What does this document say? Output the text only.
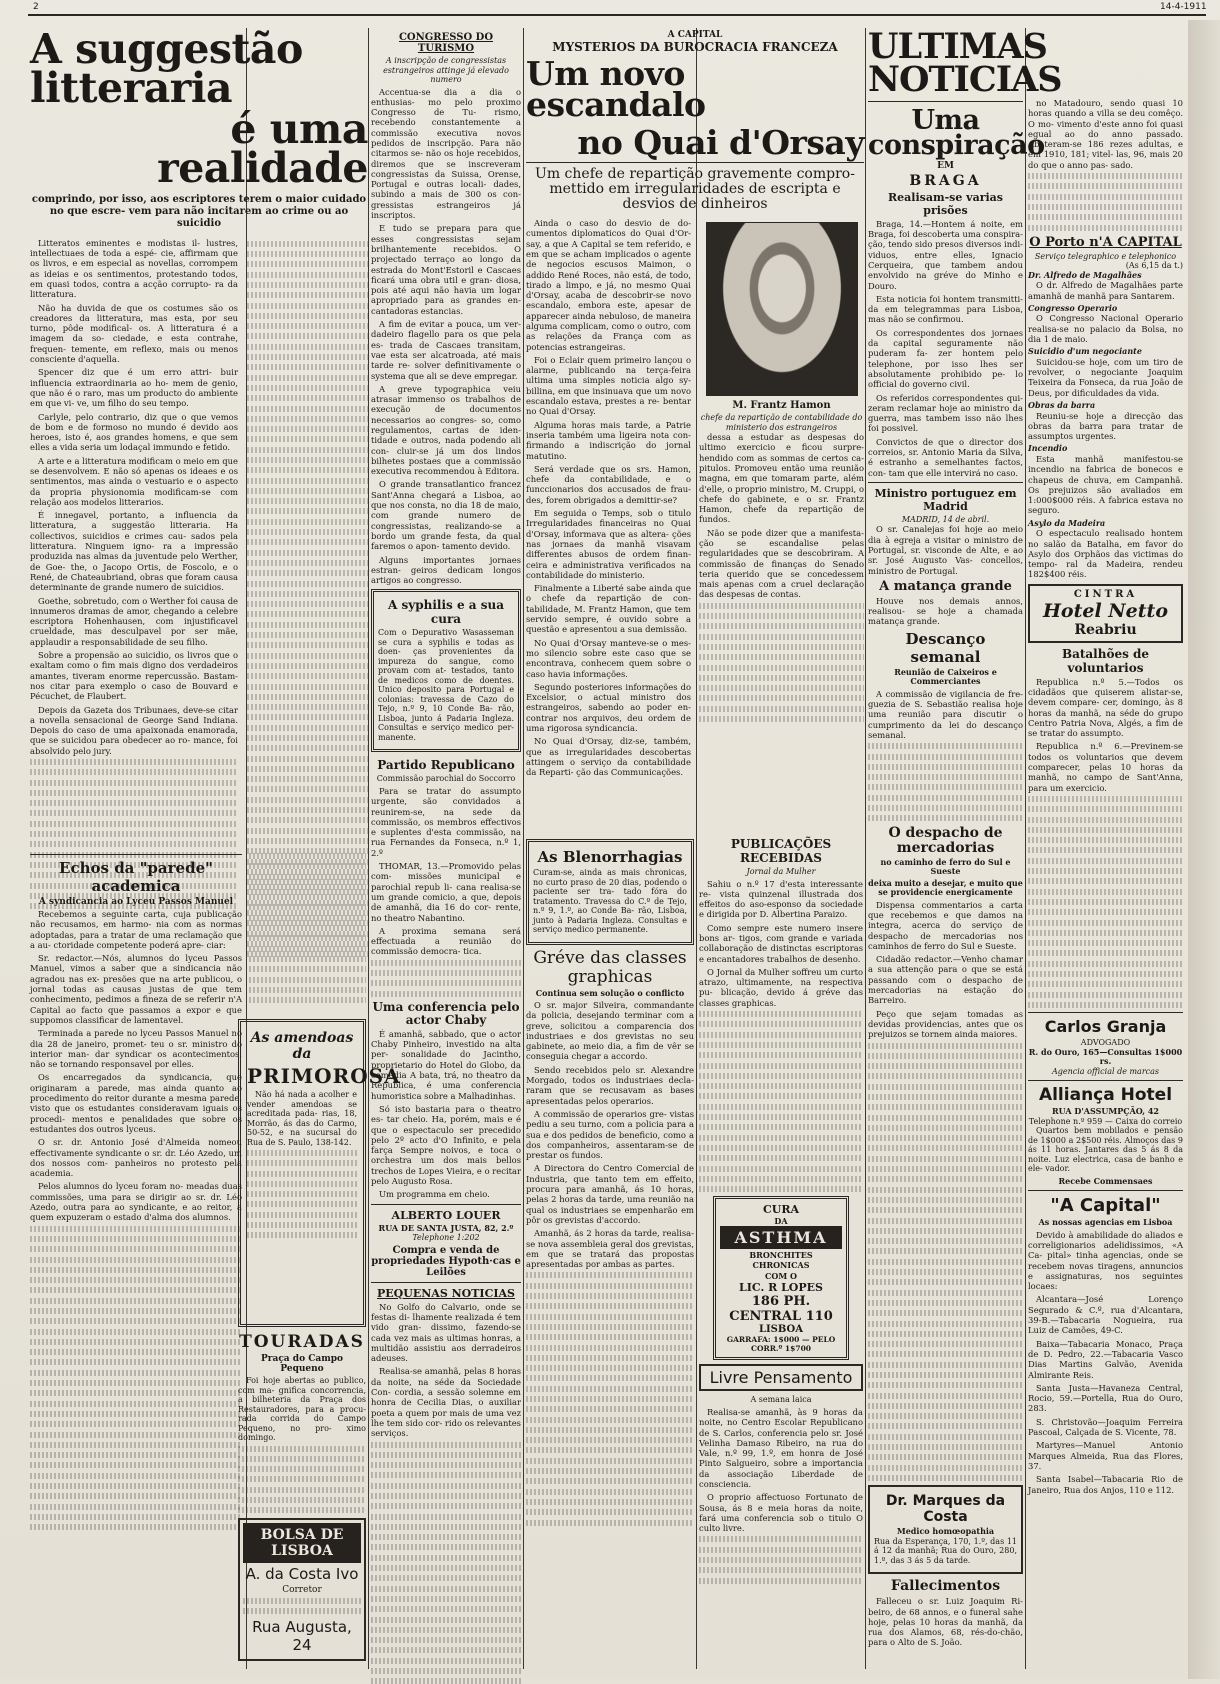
2	14-4-1911
A suggestão litteraria
é uma realidade

comprindo, por isso, aos escriptores terem o maior cuidado no que escre- vem para não incitarem ao crime ou ao suicidio

Litteratos eminentes e modistas il- lustres, intellectuaes de toda a espé- cie, affirmam que os livros, e em especial as novellas, corrompem as ideias e os sentimentos, protestando todos, em quasi todos, contra a acção corrupto- ra da litteratura.

Não ha duvida de que os costumes são os creadores da litteratura, mas esta, por seu turno, pôde modifical- os. A litteratura é a imagem da so- ciedade, e esta contrahe, frequen- temente, em reflexo, mais ou menos consciente d'aquella.

Spencer diz que é um erro attri- buir influencia extraordinaria ao ho- mem de genio, que não é o raro, mas um producto do ambiente em que vi- ve, um filho do seu tempo.

Carlyle, pelo contrario, diz que o que vemos de bom e de formoso no mundo é devido aos heroes, isto é, aos grandes homens, e que sem elles a vida seria um lodaçal immundo e fetido.

A arte e a litteratura modificam o meio em que se desenvolvem. E não só apenas os ideaes e os sentimentos, mas ainda o vestuario e o aspecto da propria physionomia modificam-se com relação aos modelos litterarios.

É innegavel, portanto, a influencia da litteratura, a suggestão litteraria. Ha collectivos, suicidios e crimes cau- sados pela litteratura. Ninguem igno- ra a impressão produzida nas almas da juventude pelo Werther, de Goe- the, o Jacopo Ortis, de Foscolo, e o René, de Chateaubriand, obras que foram causa determinante de grande numero de suicidios.

Goethe, sobretudo, com o Werther foi causa de innumeros dramas de amor, chegando a celebre escriptora Hohenhausen, com injustificavel crueldade, mas desculpavel por ser mãe, applaudir a responsabilidade de seu filho.

Sobre a propensão ao suicidio, os livros que o exaltam como o fim mais digno dos verdadeiros amantes, tiveram enorme repercussão. Bastam-nos citar para exemplo o caso de Bouvard e Pécuchet, de Flaubert.

Depois da Gazeta dos Tribunaes, deve-se citar a novella sensacional de George Sand Indiana. Depois do caso de uma apaixonada enamorada, que se suicidou para obedecer ao ro- mance, foi absolvido pelo jury.

Echos da "parede" academica
A syndicancia ao Lyceu Passos Manuel

Recebemos a seguinte carta, cuja publicação não recusamos, em harmo- nia com as normas adoptadas, para a tratar de uma reclamação que a au- ctoridade competente poderá apre- ciar:

Sr. redactor.—Nós, alumnos do lyceu Passos Manuel, vimos a saber que a sindicancia não agradou nas ex- presões que na arte publicou, o jornal todas as causas justas de que tem conhecimento, pedimos a fineza de se referir n'A Capital ao facto que passamos a expor e que suppomos classificar de lamentavel.

Terminada a parede no lyceu Passos Manuel no dia 28 de janeiro, promet- teu o sr. ministro do interior man- dar syndicar os acontecimentos, não se tornando responsavel por elles.

Os encarregados da syndicancia, que originaram a parede, mas ainda quanto ao procedimento do reitor durante a mesma parede, visto que os estudantes consideravam iguais os procedi- mentos e penalidades que sobre os estudantes dos outros lyceus.

O sr. dr. Antonio José d'Almeida nomeou effectivamente syndicante o sr. dr. Léo Azedo, um dos nossos com- panheiros no protesto pela academia.

Pelos alumnos do lyceu foram no- meadas duas commissões, uma para se dirigir ao sr. dr. Léo Azedo, outra para ao syndicante, e ao reitor, a quem expuzeram o estado d'alma dos alumnos.

As amendoas da
PRIMOROSA

Não há nada a acolher e vender amendoas se acreditada pada- rias, 18, Morrão, ás das do Carmo, 50-52, e na sucursal do Rua de S. Paulo, 138-142.

TOURADAS
Praça do Campo Pequeno

Foi hoje abertas ao publico, com ma- gnifica concorrencia, a bilheteria da Praça dos Restauradores, para a procu- rada corrida do Campo Pequeno, no pro- ximo domingo.

BOLSA DE LISBOA
A. da Costa Ivo
Corretor
Rua Augusta, 24
CONGRESSO DO TURISMO
A inscripção de congressistas estrangeiros attinge já elevado numero

Accentua-se dia a dia o enthusias- mo pelo proximo Congresso de Tu- rismo, recebendo constantemente a commissão executiva novos pedidos de inscripção. Para não citarmos se- não os hoje recebidos, diremos que se inscreveram congressistas da Suissa, Orense, Portugal e outras locali- dades, subindo a mais de 300 os con- gressistas estrangeiros já inscriptos.

E tudo se prepara para que esses congressistas sejam brilhantemente recebidos. O projectado terraço ao longo da estrada do Mont'Estoril e Cascaes ficará uma obra util e gran- diosa, pois até aqui não havia um logar apropriado para as grandes en- cantadoras estancias.

A fim de evitar a pouca, um ver- dadeiro flagello para os que pela es- trada de Cascaes transitam, vae esta ser alcatroada, até mais tarde re- solver definitivamente o systema que ali se deve empregar.

A greve typographica veiu atrasar immenso os trabalhos de execução de documentos necessarios ao congres- so, como regulamentos, cartas de iden- tidade e outros, nada podendo ali con- cluir-se já um dos lindos bilhetes postaes que a commissão executiva recommendou à Editora.

O grande transatlantico francez Sant'Anna chegará a Lisboa, ao que nos consta, no dia 18 de maio, com grande numero de congressistas, realizando-se a bordo um grande festa, da qual faremos o apon- tamento devido.

Alguns importantes jornaes estran- geiros dedicam longos artigos ao congresso.

A syphilis e a sua cura

Com o Depurativo Wasasseman se cura a syphilis e todas as doen- ças provenientes da impureza do sangue, como provam com at- testados, tanto de medicos como de doentes. Unico deposito para Portugal e colonias: travessa de Cazo do Tejo, n.º 9, 10 Conde Ba- rão, Lisboa, junto á Padaria Ingleza. Consultas e serviço medico per- manente.

Partido Republicano
Commissão parochial do Soccorro

Para se tratar do assumpto urgente, são convidados a reunirem-se, na sede da commissão, os membros effectivos e suplentes d'esta commissão, na rua Fernandes da Fonseca, n.º 1, 2.º

THOMAR, 13.—Promovido pelas com- missões municipal e parochial repub li- cana realisa-se um grande comicio, a que, depois de amanhã, dia 16 do cor- rente, no theatro Nabantino.

A proxima semana será effectuada a reunião do commissão democra- tica.

Uma conferencia pelo actor Chaby

É amanhã, sabbado, que o actor Chaby Pinheiro, investido na alta per- sonalidade do Jacintho, proprietario do Hotel do Globo, da comedia A bata, trá, no theatro da Republica, é uma conferencia humoristica sobre a Malhadinhas.

Só isto bastaria para o theatro es- tar cheio. Ha, porém, mais e é que o espectaculo ser precedido pelo 2º acto d'O Infinito, e pela farça Sempre noivos, e toca o orchestra um dos mais bellos trechos de Lopes Vieira, e o recitar pelo Augusto Rosa.

Um programma em cheio.

ALBERTO LOUER
RUA DE SANTA JUSTA, 82, 2.º
Telephone 1:202
Compra e venda de propriedades Hypoth·cas e Leilões
PEQUENAS NOTICIAS

No Golfo do Calvario, onde se festas di- lhamente realizada é tem vido gran- dissimo, fazendo-se cada vez mais as ultimas honras, a multidão assistiu aos derradeiros adeuses.

Realisa-se amanhã, pelas 8 horas da noite, na séde da Sociedade Con- cordia, a sessão solemne em honra de Cecilia Dias, o auxiliar poeta a quem por mais de uma vez lhe tem sido cor- rido os relevantes serviços.

A CAPITAL
MYSTERIOS DA BUROCRACIA FRANCEZA
Um novo escandalo
no Quai d'Orsay

Um chefe de repartição gravemente compro- mettido em irregularidades de escripta e desvios de dinheiros

Ainda o caso do desvio de do- cumentos diplomaticos do Quai d'Or- say, a que A Capital se tem referido, e em que se acham implicados o agente de negocios escusos Maimon, o addido René Roces, não está, de todo, tirado a limpo, e já, no mesmo Quai d'Orsay, acaba de descobrir-se novo escandalo, embora este, apesar de apparecer ainda nebuloso, de maneira alguma complicam, como o outro, com as relações da França com as potencias estrangeiras.

Foi o Eclair quem primeiro lançou o alarme, publicando na terça-feira ultima uma simples noticia algo sy- billina, em que insinuava que um novo escandalo estava, prestes a re- bentar no Quai d'Orsay.

Alguma horas mais tarde, a Patrie inseria também uma ligeira nota con- firmando a indiscrição do jornal matutino.

Será verdade que os srs. Hamon, chefe da contabilidade, e o funccionarios dos accusados de frau- des, forem obrigados a demittir-se?

Em seguida o Temps, sob o titulo Irregularidades financeiras no Quai d'Orsay, informava que as altera- ções nas jornaes da manhã visavam differentes abusos de ordem finan- ceira e administrativa verificados na contabilidade do ministerio.

Finalmente a Liberté sabe ainda que o chefe da repartição de con- tabilidade, M. Frantz Hamon, que tem servido sempre, é ouvido sobre a questão e apresentou a sua demissão.

No Quai d'Orsay manteve-se o mes- mo silencio sobre este caso que se encontrava, conhecem quem sobre o caso havia informações.

Segundo posteriores informações do Excelsior, o actual ministro dos estrangeiros, sabendo ao poder en- contrar nos arquivos, deu ordem de uma rigorosa syndicancia.

No Quai d'Orsay, diz-se, também, que as irregularidades descobertas attingem o serviço da contabilidade da Reparti- ção das Communicações.

M. Frantz Hamon
chefe da repartição de contabilidade do ministerio dos estrangeiros

dessa a estudar as despesas do ultimo exercicio e ficou surpre- hendido com as sommas de certos ca- pitulos. Promoveu então uma reunião magna, em que tomaram parte, além d'elle, o proprio ministro, M. Cruppi, o chefe do gabinete, e o sr. Frantz Hamon, chefe da repartição de fundos.

Não se pode dizer que a manifesta- ção se escandalise pelas regularidades que se descobriram. A commissão de finanças do Senado teria querido que se concedessem mais apenas com a cruel declaração das despesas de contas.

As Blenorrhagias

Curam-se, ainda as mais chronicas, no curto praso de 20 dias, podendo o paciente ser tra- tado fóra do tratamento. Travessa do C.º de Tejo, n.º 9, 1.º, ao Conde Ba- rão, Lisboa, junto à Padaria Ingleza. Consultas e serviço medico permanente.

Gréve das classes graphicas
Continua sem solução o conflicto

O sr. major Silveira, commandante da policia, desejando terminar com a greve, solicitou a comparencia dos industriaes e dos grevistas no seu gabinete, ao meio dia, a fim de vêr se conseguia chegar a accordo.

Sendo recebidos pelo sr. Alexandre Morgado, todos os industriaes decla- raram que se recusavam as bases apresentadas pelos operarios.

A commissão de operarios gre- vistas pediu a seu turno, com a policia para a sua e dos pedidos de beneficio, como a dos companheiros, assentaram-se de prestar os fundos.

A Directora do Centro Comercial de Industria, que tanto tem em effeito, procura para amanhã, ás 10 horas, pelas 2 horas da tarde, uma reunião na qual os industriaes se empenharão em pôr os grevistas d'accordo.

Amanhã, ás 2 horas da tarde, realisa-se nova assembleia geral dos grevistas, em que se tratará das propostas apresentadas por ambas as partes.

PUBLICAÇÕES RECEBIDAS
Jornal da Mulher

Sahiu o n.º 17 d'esta interessante re- vista quinzenal illustrada dos effeitos do aso-esponso da sociedade e dirigida por D. Albertina Paraizo.

Como sempre este numero insere bons ar- tigos, com grande e variada collaboração de distinctas escriptoras e encantadores trabalhos de desenho.

O Jornal da Mulher soffreu um curto atrazo, ultimamente, na respectiva pu- blicação, devido á gréve das classes graphicas.

CURA
DA
ASTHMA
BRONCHITES CHRONICAS
COM O
LIC. R LOPES
186 PH. CENTRAL 110
LISBOA
GARRAFA: 1$000 — PELO CORR.º 1$700
Livre Pensamento
A semana laica

Realisa-se amanhã, às 9 horas da noite, no Centro Escolar Republicano de S. Carlos, conferencia pelo sr. José Velinha Damaso Ribeiro, na rua do Vale, n.º 99, 1.º, em honra de José Pinto Salgueiro, sobre a importancia da associação Liberdade de consciencia.

O proprio affectuoso Fortunato de Sousa, ás 8 e meia horas da noite, fará uma conferencia sob o titulo O culto livre.

ULTIMAS NOTICIAS
Uma conspiração
EM
BRAGA
Realisam-se varias prisões

Braga, 14.—Hontem á noite, em Braga, foi descoberta uma conspira- ção, tendo sido presos diversos indi- viduos, entre elles, Ignacio Cerqueira, que tambem andou envolvido na gréve do Minho e Douro.

Esta noticia foi hontem transmitti- da em telegrammas para Lisboa, mas não se confirmou.

Os correspondentes dos jornaes da capital seguramente não puderam fa- zer hontem pelo telephone, por isso lhes ser absolutamente prohibido pe- lo official do governo civil.

Os referidos correspondentes qui- zeram reclamar hoje ao ministro da guerra, mas tambem isso não lhes foi possivel.

Convictos de que o director dos correios, sr. Antonio Maria da Silva, é estranho a semelhantes factos, con- tam que elle intervirá no caso.

Ministro portuguez em Madrid
MADRID, 14 de abril.

O sr. Canalejas foi hoje ao meio dia à egreja a visitar o ministro de Portugal, sr. visconde de Alte, e ao sr. José Augusto Vas- concellos, ministro de Portugal.

A matança grande

Houve nos demais annos, realisou- se hoje a chamada matança grande.

Descanço semanal
Reunião de Caixeiros e Commerciantes

A commissão de vigilancia de fre- guezia de S. Sebastião realisa hoje uma reunião para discutir o cumprimento da lei do descanço semanal.

O despacho de mercadorias
no caminho de ferro do Sul e Sueste
deixa muito a desejar, e muito que se providencie energicamente

Dispensa commentarios a carta que recebemos e que damos na integra, acerca do serviço de despacho de mercadorias nos caminhos de ferro do Sul e Sueste.

Cidadão redactor.—Venho chamar a sua attenção para o que se está passando com o despacho de mercadorias na estação do Barreiro.

Peço que sejam tomadas as devidas providencias, antes que os prejuizos se tornem ainda maiores.

Dr. Marques da Costa
Medico homœopathia

Rua da Esperança, 170, 1.º, das 11 á 12 da manhã; Rua do Ouro, 280, 1.º, das 3 ás 5 da tarde.

Fallecimentos

Falleceu o sr. Luiz Joaquim Ri- beiro, de 68 annos, e o funeral sahe hoje, pelas 10 horas da manhã, da rua dos Alamos, 68, rés-do-chão, para o Alto de S. João.

no Matadouro, sendo quasi 10 horas quando a villa se deu comêço. O mo- vimento d'este anno foi quasi egual ao do anno passado. Abateram-se 186 rezes adultas, e em 1910, 181; vitel- las, 96, mais 20 do que o anno pas- sado.

O Porto n'A CAPITAL
Serviço telegraphico e telephonico
(As 6,15 da t.)
Dr. Alfredo de Magalhães

O dr. Alfredo de Magalhães parte amanhã de manhã para Santarem.

Congresso Operario

O Congresso Nacional Operario realisa-se no palacio da Bolsa, no dia 1 de maio.

Suicidio d'um negociante

Suicidou-se hoje, com um tiro de revolver, o negociante Joaquim Teixeira da Fonseca, da rua João de Deus, por dificuldades da vida.

Obras da barra

Reuniu-se hoje a direcção das obras da barra para tratar de assumptos urgentes.

Incendio

Esta manhã manifestou-se incendio na fabrica de bonecos e chapeus de chuva, em Campanhã. Os prejuizos são avaliados em 1:000$000 réis. A fabrica estava no seguro.

Asylo da Madeira

O espectaculo realisado hontem no salão da Batalha, em favor do Asylo dos Orphãos das victimas do tempo- ral da Madeira, rendeu 182$400 réis.

CINTRA
Hotel Netto
Reabriu
Batalhões de voluntarios

Republica n.º 5.—Todos os cidadãos que quiserem alistar-se, devem compare- cer, domingo, às 8 horas da manhã, na séde do grupo Centro Patria Nova, Algés, a fim de se tratar do assumpto.

Republica n.º 6.—Previnem-se todos os voluntarios que devem comparecer, pelas 10 horas da manhã, no campo de Sant'Anna, para um exercicio.

Carlos Granja
ADVOGADO
R. do Ouro, 165—Consultas 1$000 rs.
Agencia official de marcas
Alliança Hotel
RUA D'ASSUMPÇÃO, 42
Telephone n.º 959 — Caixa do correio

Quartos bem mobilados e pensão de 1$000 a 2$500 réis. Almoços das 9 ás 11 horas. Jantares das 5 ás 8 da noite. Luz electrica, casa de banho e ele- vador.

Recebe Commensaes
"A Capital"
As nossas agencias em Lisboa

Devido à amabilidade do aliados e correligionarios adelidissimos, «A Ca- pital» tinha agencias, onde se recebem novas tiragens, annuncios e assignaturas, nos seguintes locaes:

Alcantara—José Lorenço Segurado & C.º, rua d'Alcantara, 39-B.—Tabacaria Nogueira, rua Luiz de Camões, 49-C.

Baixa—Tabacaria Monaco, Praça de D. Pedro, 22.—Tabacaria Vasco Dias Martins Galvão, Avenida Almirante Reis.

Santa Justa—Havaneza Central, Rocio, 59.—Portella, Rua do Ouro, 283.

S. Christovão—Joaquim Ferreira Pascoal, Calçada de S. Vicente, 78.

Martyres—Manuel Antonio Marques Almeida, Rua das Flores, 37.

Santa Isabel—Tabacaria Rio de Janeiro, Rua dos Anjos, 110 e 112.
